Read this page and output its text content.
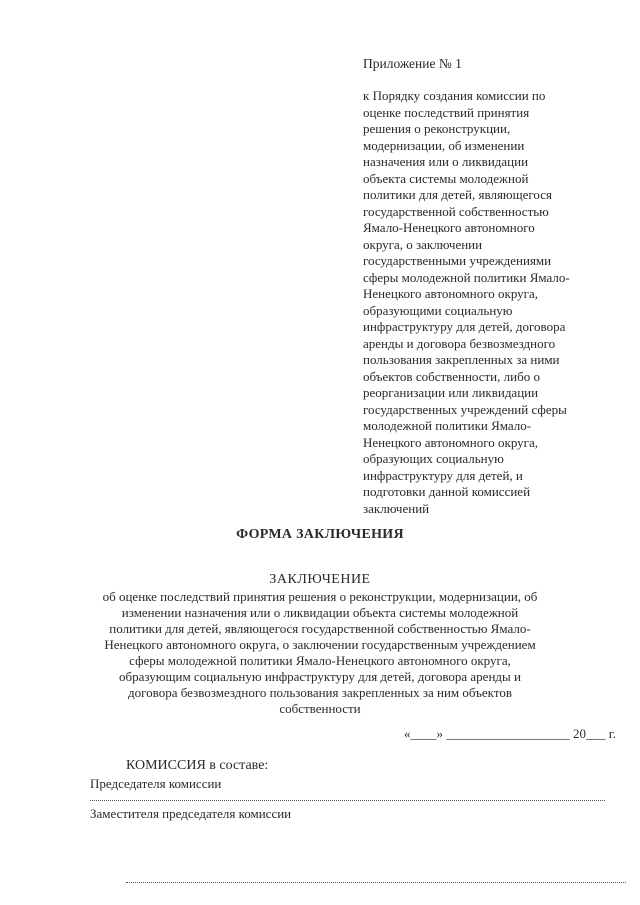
Приложение № 1
к Порядку создания комиссии по
оценке последствий принятия
решения о реконструкции,
модернизации, об изменении
назначения или о ликвидации
объекта системы молодежной
политики для детей, являющегося
государственной собственностью
Ямало-Ненецкого автономного
округа, о заключении
государственными учреждениями
сферы молодежной политики Ямало-
Ненецкого автономного округа,
образующими социальную
инфраструктуру для детей, договора
аренды и договора безвозмездного
пользования закрепленных за ними
объектов собственности, либо о
реорганизации или ликвидации
государственных учреждений сферы
молодежной политики Ямало-
Ненецкого автономного округа,
образующих социальную
инфраструктуру для детей, и
подготовки данной комиссией
заключений
ФОРМА ЗАКЛЮЧЕНИЯ
ЗАКЛЮЧЕНИЕ
об оценке последствий принятия решения о реконструкции, модернизации, об
изменении назначения или о ликвидации объекта системы молодежной
политики для детей, являющегося государственной собственностью Ямало-
Ненецкого автономного округа, о заключении государственным учреждением
сферы молодежной политики Ямало-Ненецкого автономного округа,
образующим социальную инфраструктуру для детей, договора аренды и
договора безвозмездного пользования закрепленных за ним объектов
собственности
«____» ___________________ 20___ г.
КОМИССИЯ в составе:
Председателя комиссии
Заместителя председателя комиссии
